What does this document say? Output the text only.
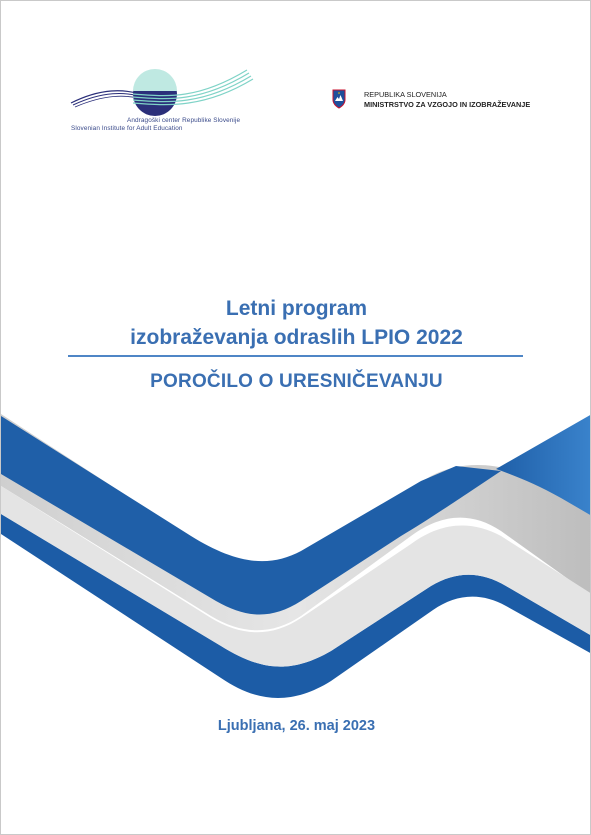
Andragoški center Republike Slovenije
Slovenian Institute for Adult Education
REPUBLIKA SLOVENIJA
MINISTRSTVO ZA VZGOJO IN IZOBRAŽEVANJE
Letni program
izobraževanja odraslih LPIO 2022
POROČILO O URESNIČEVANJU
Ljubljana, 26. maj 2023
